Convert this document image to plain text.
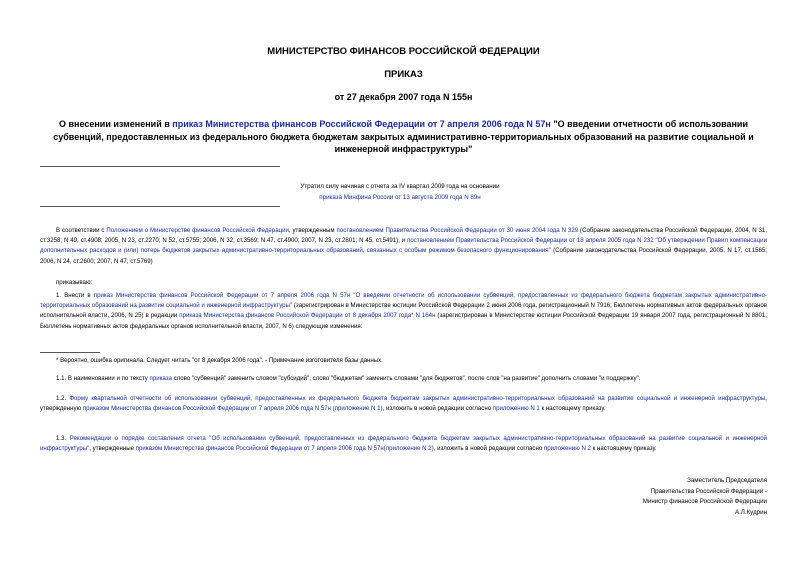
МИНИСТЕРСТВО ФИНАНСОВ РОССИЙСКОЙ ФЕДЕРАЦИИ
ПРИКАЗ
от 27 декабря 2007 года N 155н
О внесении изменений в приказ Министерства финансов Российской Федерации от 7 апреля 2006 года N 57н "О введении отчетности об использовании субвенций, предоставленных из федерального бюджета бюджетам закрытых административно-территориальных образований на развитие социальной и инженерной инфраструктуры"
Утратил силу начиная с отчета за IV квартал 2009 года на основании
приказа Минфина России от 13 августа 2009 года N 89н
В соответствии с Положением о Министерстве финансов Российской Федерации, утвержденным постановлением Правительства Российской Федерации от 30 июня 2004 года N 329 (Собрание законодательства Российской Федерации, 2004, N 31, ст.3258; N 49, ст.4908; 2005, N 23, ст.2270; N 52, ст.5755; 2006, N 32, ст.3569; N 47, ст.4900; 2007, N 23, ст.2801; N 45, ст.5491), и постановлением Правительства Российской Федерации от 18 апреля 2005 года N 232 "Об утверждении Правил компенсации дополнительных расходов и (или) потерь бюджетов закрытых административно-территориальных образований, связанных с особым режимом безопасного функционирования" (Собрание законодательства Российской Федерации, 2005, N 17, ст.1565; 2006, N 24, ст.2600; 2007, N 47, ст.5769)
приказываю:
1. Внести в приказ Министерства финансов Российской Федерации от 7 апреля 2006 года N 57н "О введении отчетности об использовании субвенций, предоставленных из федерального бюджета бюджетам закрытых административно-территориальных образований на развитие социальной и инженерной инфраструктуры" (зарегистрирован в Министерстве юстиции Российской Федерации 2 июня 2006 года, регистрационный N 7916; Бюллетень нормативных актов федеральных органов исполнительной власти, 2006, N 25) в редакции приказа Министерства финансов Российской Федерации от 8 декабря 2007 года* N 164н (зарегистрирован в Министерстве юстиции Российской Федерации 19 января 2007 года, регистрационный N 8801; Бюллетень нормативных актов федеральных органов исполнительной власти, 2007, N 6) следующие изменения:
* Вероятно, ошибка оригинала. Следует читать "от 8 декабря 2006 года". - Примечание изготовителя базы данных.
1.1. В наименовании и по тексту приказа слово "субвенций" заменить словом "субсидий", слово "бюджетам" заменить словами "для бюджетов", после слов "на развитие" дополнить словами "и поддержку".
1.2. Форму квартальной отчетности об использовании субвенций, предоставленных из федерального бюджета бюджетам закрытых административно-территориальных образований на развитие социальной и инженерной инфраструктуры, утвержденную приказом Министерства финансов Российской Федерации от 7 апреля 2006 года N 57н (приложение N 1), изложить в новой редакции согласно приложению N 1 к настоящему приказу.
1.3. Рекомендации о порядке составления отчета "Об использовании субвенций, предоставленных из федерального бюджета бюджетам закрытых административно-территориальных образований на развитие социальной и инженерной инфраструктуры", утвержденные приказом Министерства финансов Российской Федерации от 7 апреля 2006 года N 57н(приложение N 2), изложить в новой редакции согласно приложению N 2 к настоящему приказу.
Заместитель Председателя
Правительства Российской Федерации -
Министр финансов Российской Федерации
А.Л.Кудрин
